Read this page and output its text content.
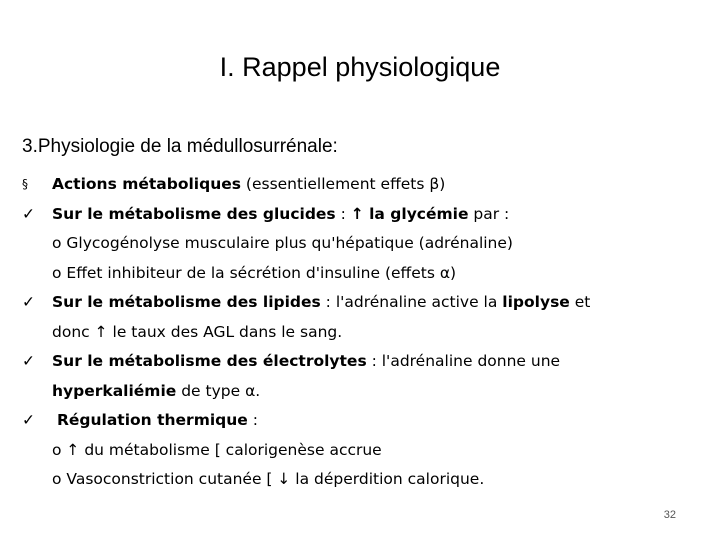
I. Rappel physiologique
3.Physiologie de la médullosurrénale:
§ Actions métaboliques (essentiellement effets β)
✓ Sur le métabolisme des glucides : ↑ la glycémie par :
o Glycogénolyse musculaire plus qu'hépatique (adrénaline)
o Effet inhibiteur de la sécrétion d'insuline (effets α)
✓ Sur le métabolisme des lipides : l'adrénaline active la lipolyse et
donc ↑ le taux des AGL dans le sang.
✓ Sur le métabolisme des électrolytes : l'adrénaline donne une
hyperkaliémie de type α.
✓ Régulation thermique :
o ↑ du métabolisme [ calorigenèse accrue
o Vasoconstriction cutanée [ ↓ la déperdition calorique.
32
